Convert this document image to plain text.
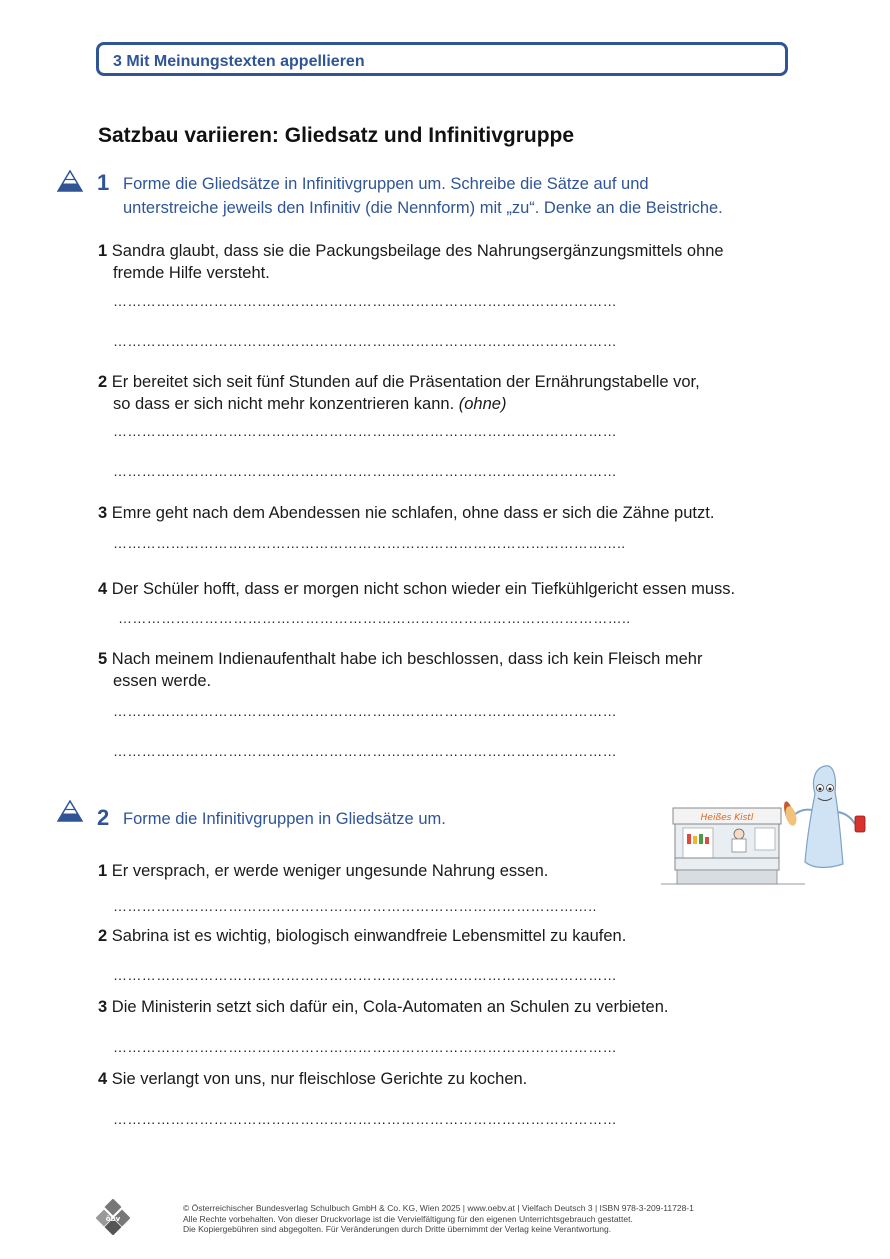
3 Mit Meinungstexten appellieren
Satzbau variieren: Gliedsatz und Infinitivgruppe
1 Forme die Gliedsätze in Infinitivgruppen um. Schreibe die Sätze auf und
unterstreiche jeweils den Infinitiv (die Nennform) mit „zu“. Denke an die Beistriche.
1 Sandra glaubt, dass sie die Packungsbeilage des Nahrungsergänzungsmittels ohne
fremde Hilfe versteht.
……………………………………………………………………………………………
……………………………………………………………………………………………
2 Er bereitet sich seit fünf Stunden auf die Präsentation der Ernährungstabelle vor,
so dass er sich nicht mehr konzentrieren kann. (ohne)
……………………………………………………………………………………………
……………………………………………………………………………………………
3 Emre geht nach dem Abendessen nie schlafen, ohne dass er sich die Zähne putzt.
……………………………………………………………………………………………..
4 Der Schüler hofft, dass er morgen nicht schon wieder ein Tiefkühlgericht essen muss.
……………………………………………………………………………………………..
5 Nach meinem Indienaufenthalt habe ich beschlossen, dass ich kein Fleisch mehr
essen werde.
……………………………………………………………………………………………
……………………………………………………………………………………………
2 Forme die Infinitivgruppen in Gliedsätze um.	Heißes Kistl
1 Er versprach, er werde weniger ungesunde Nahrung essen.
………………………………………………………………………………………..
2 Sabrina ist es wichtig, biologisch einwandfreie Lebensmittel zu kaufen.
……………………………………………………………………………………………
3 Die Ministerin setzt sich dafür ein, Cola-Automaten an Schulen zu verbieten.
……………………………………………………………………………………………
4 Sie verlangt von uns, nur fleischlose Gerichte zu kochen.
……………………………………………………………………………………………
öbv
© Österreichischer Bundesverlag Schulbuch GmbH & Co. KG, Wien 2025 | www.oebv.at | Vielfach Deutsch 3 | ISBN 978-3-209-11728-1
Alle Rechte vorbehalten. Von dieser Druckvorlage ist die Vervielfältigung für den eigenen Unterrichtsgebrauch gestattet.
Die Kopiergebühren sind abgegolten. Für Veränderungen durch Dritte übernimmt der Verlag keine Verantwortung.
